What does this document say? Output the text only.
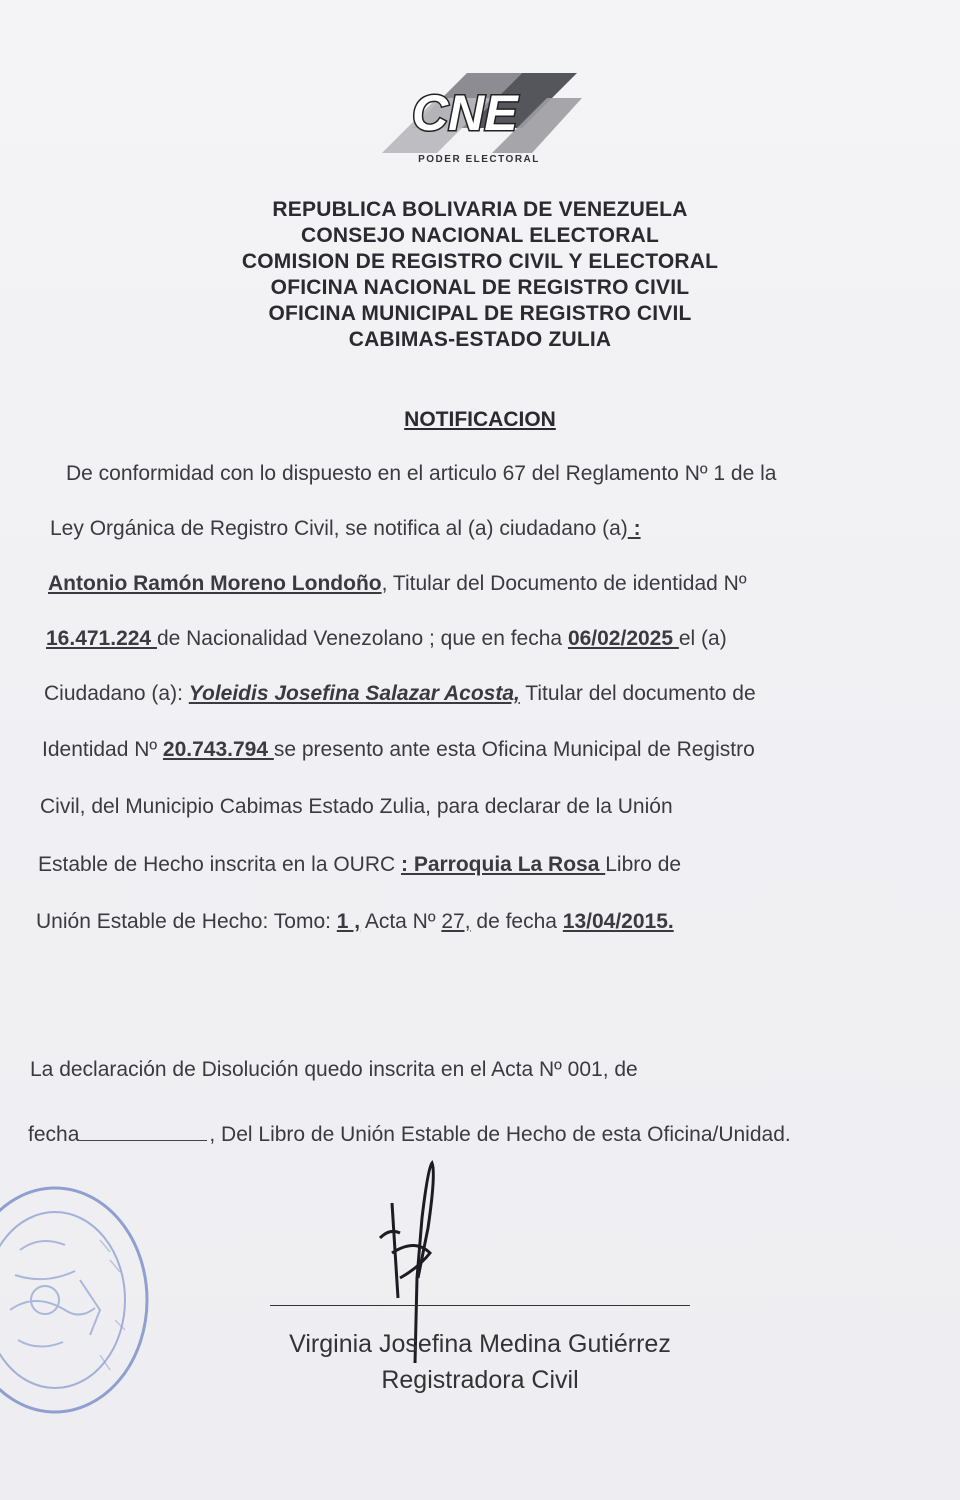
CNE
PODER ELECTORAL
REPUBLICA BOLIVARIA DE VENEZUELA
CONSEJO NACIONAL ELECTORAL
COMISION DE REGISTRO CIVIL Y ELECTORAL
OFICINA NACIONAL DE REGISTRO CIVIL
OFICINA MUNICIPAL DE REGISTRO CIVIL
CABIMAS-ESTADO ZULIA
NOTIFICACION
De conformidad con lo dispuesto en el articulo 67 del Reglamento Nº 1 de la
Ley Orgánica de Registro Civil, se notifica al (a) ciudadano (a) :
Antonio Ramón Moreno Londoño, Titular del Documento de identidad Nº
16.471.224 de Nacionalidad Venezolano ; que en fecha 06/02/2025 el (a)
Ciudadano (a): Yoleidis Josefina Salazar Acosta, Titular del documento de
Identidad Nº 20.743.794 se presento ante esta Oficina Municipal de Registro
Civil, del Municipio Cabimas Estado Zulia, para declarar de la Unión
Estable de Hecho inscrita en la OURC : Parroquia La Rosa Libro de
Unión Estable de Hecho: Tomo: 1 , Acta Nº 27, de fecha 13/04/2015.
La declaración de Disolución quedo inscrita en el Acta Nº 001, de
fecha	, Del Libro de Unión Estable de Hecho de esta Oficina/Unidad.
Virginia Josefina Medina Gutiérrez
Registradora Civil
